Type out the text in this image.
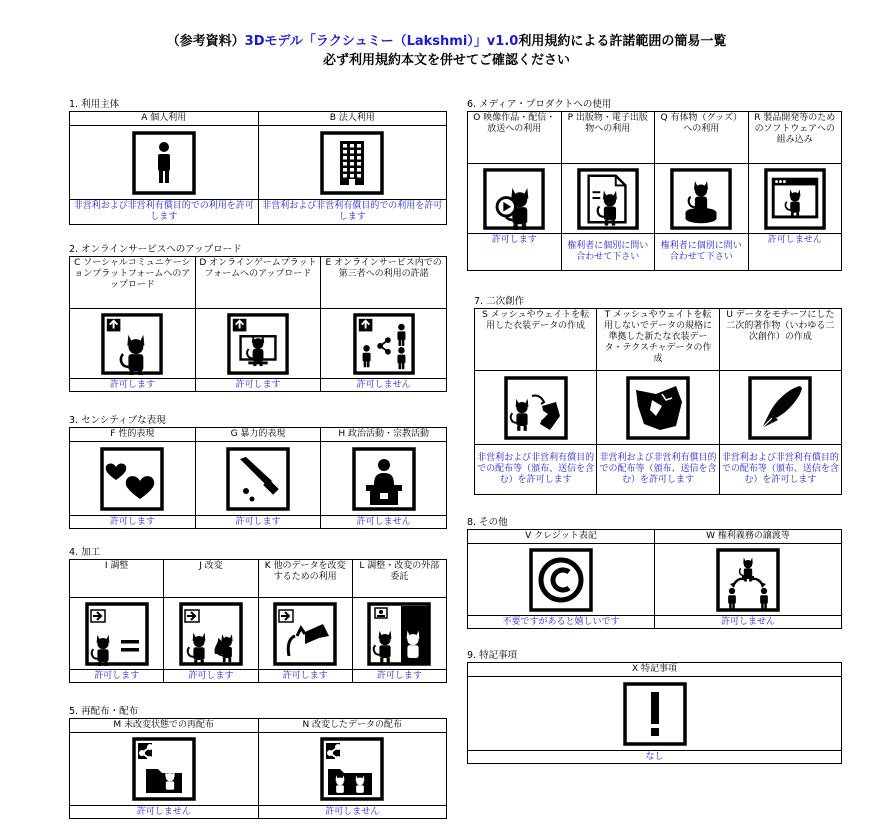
（参考資料）3Dモデル「ラクシュミー（Lakshmi）」v1.0利用規約による許諾範囲の簡易一覧
必ず利用規約本文を併せてご確認ください
1. 利用主体
A 個人利用	B 法人利用

非営利および非営利有償目的での利用を許可します	非営利および非営利有償目的での利用を許可します
2. オンラインサービスへのアップロード
C ソーシャルコミュニケーションプラットフォームへのアップロード	D オンラインゲームプラットフォームへのアップロード	E オンラインサービス内での第三者への利用の許諾

許可します	許可します	許可しません
3. センシティブな表現
F 性的表現	G 暴力的表現	H 政治活動・宗教活動

許可します	許可します	許可しません
4. 加工
I 調整	J 改変	K 他のデータを改変するための利用	L 調整・改変の外部委託

許可します	許可します	許可します	許可します
5. 再配布・配布
M 未改変状態での再配布	N 改変したデータの配布

許可しません	許可しません
6. メディア・プロダクトへの使用
O 映像作品・配信・放送への利用	P 出版物・電子出版物への利用	Q 有体物（グッズ）への利用	R 製品開発等のためのソフトウェアへの組み込み

許可します	権利者に個別に問い合わせて下さい	権利者に個別に問い合わせて下さい	許可しません
7. 二次創作
S メッシュやウェイトを転用した衣装データの作成	T メッシュやウェイトを転用しないでデータの規格に準拠した新たな衣装データ・テクスチャデータの作成	U データをモチーフにした二次的著作物（いわゆる二次創作）の作成

非営利および非営利有償目的での配布等（頒布、送信を含む）を許可します	非営利および非営利有償目的での配布等（頒布、送信を含む）を許可します	非営利および非営利有償目的での配布等（頒布、送信を含む）を許可します
8. その他
V クレジット表記	W 権利義務の譲渡等

不要ですがあると嬉しいです	許可しません
9. 特記事項
X 特記事項

なし
